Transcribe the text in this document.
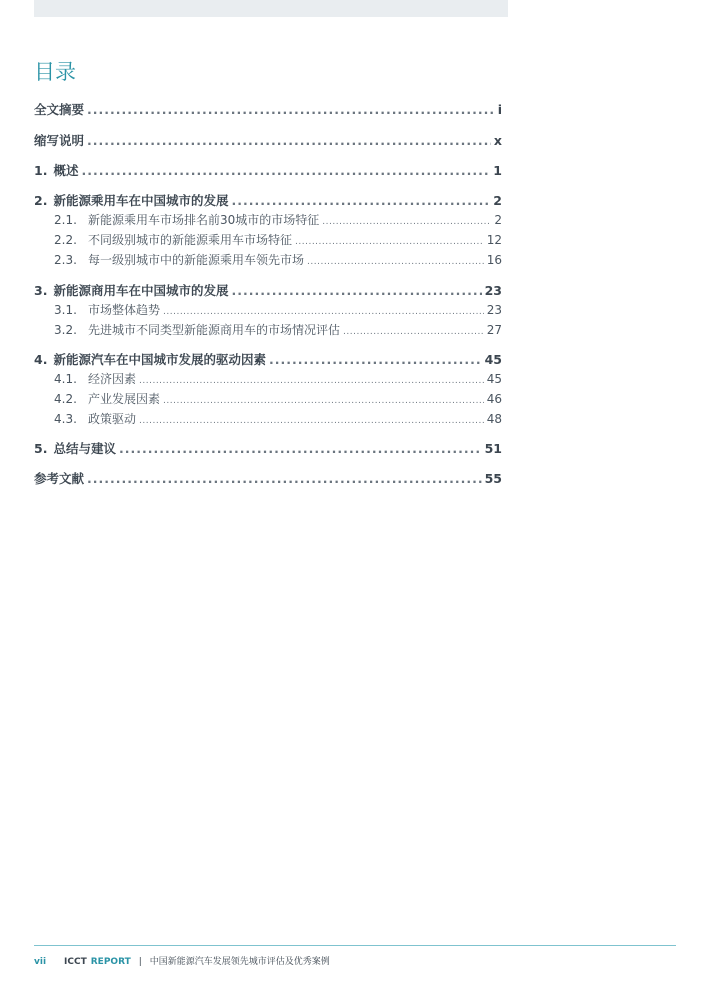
目录
全文摘要 .....	i
缩写说明 .....	x
1. 概述 .....	1
2. 新能源乘用车在中国城市的发展 .....	2
2.1. 新能源乘用车市场排名前30城市的市场特征 .....	2
2.2. 不同级别城市的新能源乘用车市场特征 .....	12
2.3. 每一级别城市中的新能源乘用车领先市场 .....	16
3. 新能源商用车在中国城市的发展 .....	23
3.1. 市场整体趋势 .....	23
3.2. 先进城市不同类型新能源商用车的市场情况评估 .....	27
4. 新能源汽车在中国城市发展的驱动因素 .....	45
4.1. 经济因素 .....	45
4.2. 产业发展因素 .....	46
4.3. 政策驱动 .....	48
5. 总结与建议 .....	51
参考文献 .....	55
vii ICCT REPORT | 中国新能源汽车发展领先城市评估及优秀案例
